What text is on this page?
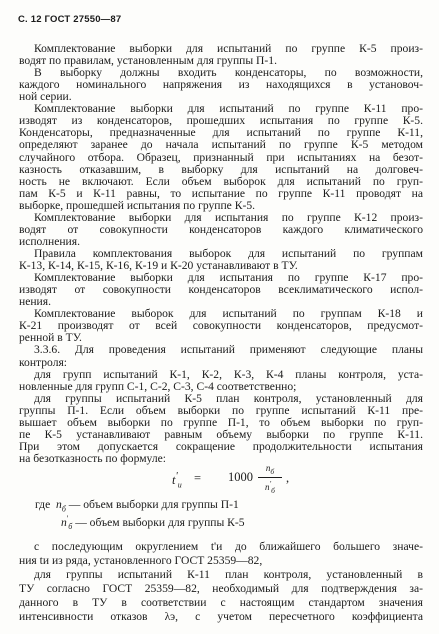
С. 12 ГОСТ 27550—87
Комплектование выборки для испытаний по группе К-5 произ-
водят по правилам, установленным для группы П-1.
В выборку должны входить конденсаторы, по возможности,
каждого номинального напряжения из находящихся в установоч-
ной серии.
Комплектование выборки для испытаний по группе К-11 про-
изводят из конденсаторов, прошедших испытания по группе К-5.
Конденсаторы, предназначенные для испытаний по группе К-11,
определяют заранее до начала испытаний по группе К-5 методом
случайного отбора. Образец, признанный при испытаниях на безот-
казность отказавшим, в выборку для испытаний на долговеч-
ность не включают. Если объем выборок для испытаний по груп-
пам К-5 и К-11 равны, то испытание по группе К-11 проводят на
выборке, прошедшей испытания по группе К-5.
Комплектование выборки для испытания по группе К-12 произ-
водят от совокупности конденсаторов каждого климатического
исполнения.
Правила комплектования выборок для испытаний по группам
К-13, К-14, К-15, К-16, К-19 и К-20 устанавливают в ТУ.
Комплектование выборки для испытания по группе К-17 про-
изводят от совокупности конденсаторов всеклиматического испол-
нения.
Комплектование выборок для испытаний по группам К-18 и
К-21 производят от всей совокупности конденсаторов, предусмот-
ренной в ТУ.
3.3.6. Для проведения испытаний применяют следующие планы
контроля:
для групп испытаний К-1, К-2, К-3, К-4 планы контроля, уста-
новленные для групп С-1, С-2, С-3, С-4 соответственно;
для группы испытаний К-5 план контроля, установленный для
группы П-1. Если объем выборки по группе испытаний К-11 пре-
вышает объем выборки по группе П-1, то объем выборки по груп-
пе К-5 устанавливают равным объему выборки по группе К-11.
При этом допускается сокращение продолжительности испытания
на безотказность по формуле:
$t'_и$
= 1000
$n_б$
$n'_б$
,
где $n_б$ — объем выборки для группы П-1
$n'_б$ — объем выборки для группы К-5
с последующим округлением t'и до ближайшего большего значе-
ния tи из ряда, установленного ГОСТ 25359—82,
для группы испытаний К-11 план контроля, установленный в
ТУ согласно ГОСТ 25359—82, необходимый для подтверждения за-
данного в ТУ в соответствии с настоящим стандартом значения
интенсивности отказов λэ, с учетом пересчетного коэффициента
